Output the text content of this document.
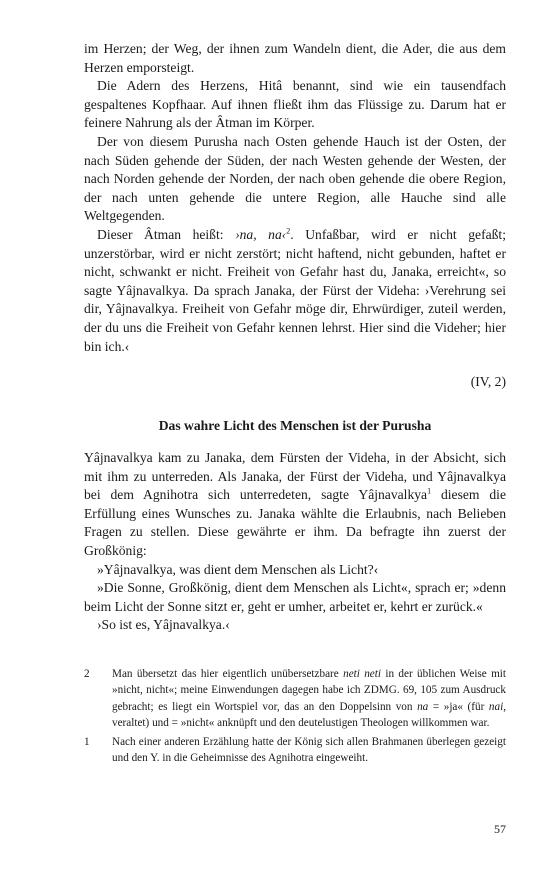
im Herzen; der Weg, der ihnen zum Wandeln dient, die Ader, die aus dem Herzen emporsteigt.

Die Adern des Herzens, Hitâ benannt, sind wie ein tausendfach gespaltenes Kopfhaar. Auf ihnen fließt ihm das Flüssige zu. Darum hat er feinere Nahrung als der Âtman im Körper.

Der von diesem Purusha nach Osten gehende Hauch ist der Osten, der nach Süden gehende der Süden, der nach Westen gehende der Westen, der nach Norden gehende der Norden, der nach oben gehende die obere Region, der nach unten gehende die untere Region, alle Hauche sind alle Weltgegenden.

Dieser Âtman heißt: ›na, na‹$^2$. Unfaßbar, wird er nicht gefaßt; unzerstörbar, wird er nicht zerstört; nicht haftend, nicht gebunden, haftet er nicht, schwankt er nicht. Freiheit von Gefahr hast du, Janaka, erreicht«, so sagte Yâjnavalkya. Da sprach Janaka, der Fürst der Videha: ›Verehrung sei dir, Yâjnavalkya. Freiheit von Gefahr möge dir, Ehrwürdiger, zuteil werden, der du uns die Freiheit von Gefahr kennen lehrst. Hier sind die Videher; hier bin ich.‹

(IV, 2)
Das wahre Licht des Menschen ist der Purusha

Yâjnavalkya kam zu Janaka, dem Fürsten der Videha, in der Absicht, sich mit ihm zu unterreden. Als Janaka, der Fürst der Videha, und Yâjnavalkya bei dem Agnihotra sich unterredeten, sagte Yâjnavalkya$^1$ diesem die Erfüllung eines Wunsches zu. Janaka wählte die Erlaubnis, nach Belieben Fragen zu stellen. Diese gewährte er ihm. Da befragte ihn zuerst der Großkönig:

»Yâjnavalkya, was dient dem Menschen als Licht?‹

»Die Sonne, Großkönig, dient dem Menschen als Licht«, sprach er; »denn beim Licht der Sonne sitzt er, geht er umher, arbeitet er, kehrt er zurück.«

›So ist es, Yâjnavalkya.‹

2	Man übersetzt das hier eigentlich unübersetzbare neti neti in der üblichen Weise mit »nicht, nicht«; meine Einwendungen dagegen habe ich ZDMG. 69, 105 zum Ausdruck gebracht; es liegt ein Wortspiel vor, das an den Doppelsinn von na = »ja« (für nai, veraltet) und = »nicht« anknüpft und den deutelustigen Theologen willkommen war.
1	Nach einer anderen Erzählung hatte der König sich allen Brahmanen überlegen gezeigt und den Y. in die Geheimnisse des Agnihotra eingeweiht.
57
